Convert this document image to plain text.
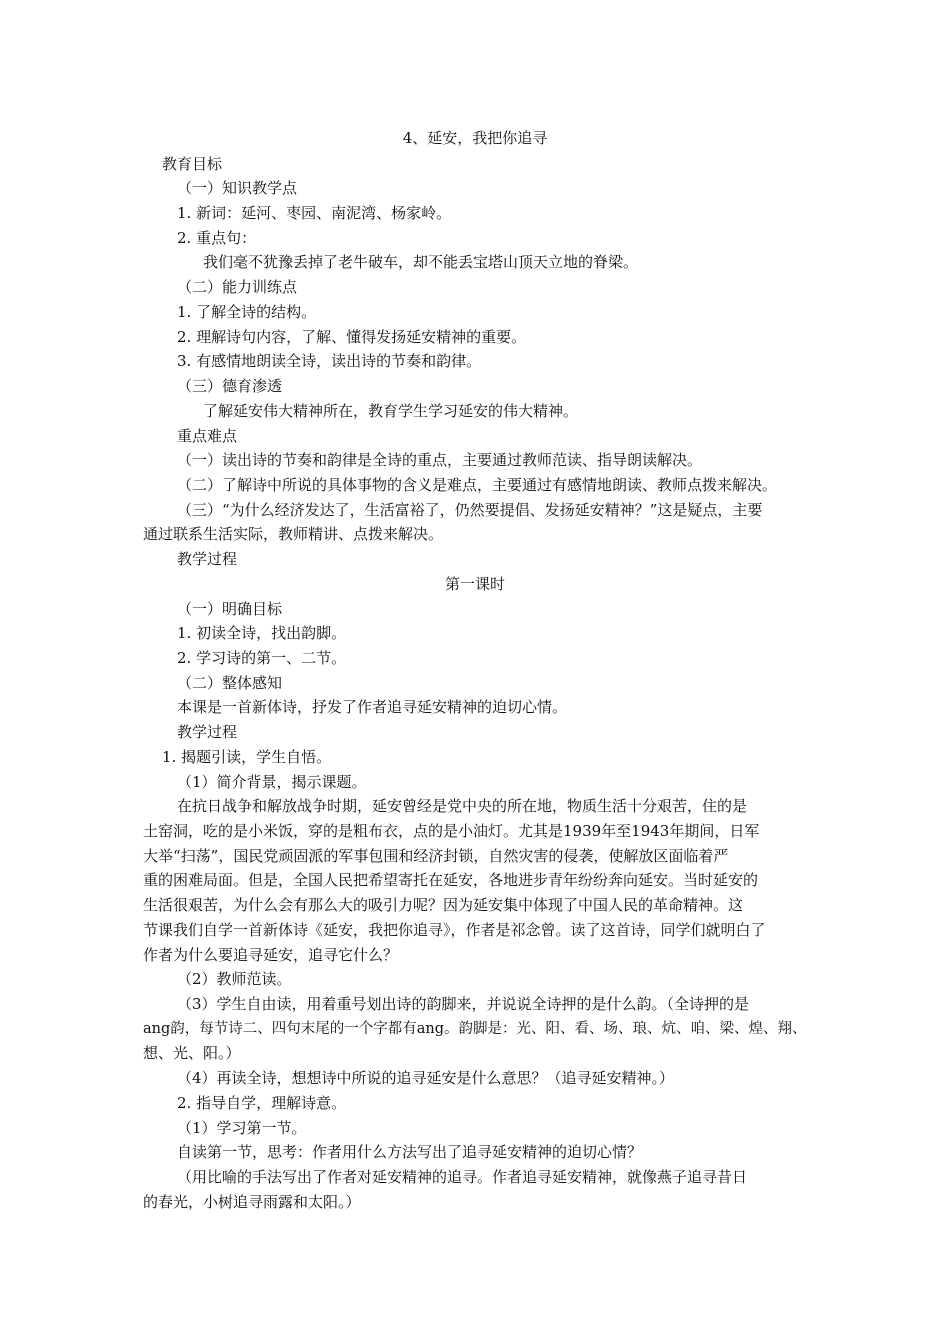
4、延安，我把你追寻
教育目标
（一）知识教学点
1. 新词：延河、枣园、南泥湾、杨家岭。
2. 重点句：
我们毫不犹豫丢掉了老牛破车，却不能丢宝塔山顶天立地的脊梁。
（二）能力训练点
1. 了解全诗的结构。
2. 理解诗句内容，了解、懂得发扬延安精神的重要。
3. 有感情地朗读全诗，读出诗的节奏和韵律。
（三）德育渗透
了解延安伟大精神所在，教育学生学习延安的伟大精神。
重点难点
（一）读出诗的节奏和韵律是全诗的重点，主要通过教师范读、指导朗读解决。
（二）了解诗中所说的具体事物的含义是难点，主要通过有感情地朗读、教师点拨来解决。
（三）“为什么经济发达了，生活富裕了，仍然要提倡、发扬延安精神？”这是疑点，主要
通过联系生活实际，教师精讲、点拨来解决。
教学过程
第一课时
（一）明确目标
1. 初读全诗，找出韵脚。
2. 学习诗的第一、二节。
（二）整体感知
本课是一首新体诗，抒发了作者追寻延安精神的迫切心情。
教学过程
1. 揭题引读，学生自悟。
（1）简介背景，揭示课题。
在抗日战争和解放战争时期，延安曾经是党中央的所在地，物质生活十分艰苦，住的是
土窑洞，吃的是小米饭，穿的是粗布衣，点的是小油灯。尤其是1939年至1943年期间，日军
大举“扫荡”，国民党顽固派的军事包围和经济封锁，自然灾害的侵袭，使解放区面临着严
重的困难局面。但是，全国人民把希望寄托在延安，各地进步青年纷纷奔向延安。当时延安的
生活很艰苦，为什么会有那么大的吸引力呢？因为延安集中体现了中国人民的革命精神。这
节课我们自学一首新体诗《延安，我把你追寻》，作者是祁念曾。读了这首诗，同学们就明白了
作者为什么要追寻延安，追寻它什么？
（2）教师范读。
（3）学生自由读，用着重号划出诗的韵脚来，并说说全诗押的是什么韵。（全诗押的是
ang韵，每节诗二、四句末尾的一个字都有ang。韵脚是：光、阳、看、场、琅、炕、咱、梁、煌、翔、
想、光、阳。）
（4）再读全诗，想想诗中所说的追寻延安是什么意思？（追寻延安精神。）
2. 指导自学，理解诗意。
（1）学习第一节。
自读第一节，思考：作者用什么方法写出了追寻延安精神的迫切心情？
（用比喻的手法写出了作者对延安精神的追寻。作者追寻延安精神，就像燕子追寻昔日
的春光，小树追寻雨露和太阳。）
